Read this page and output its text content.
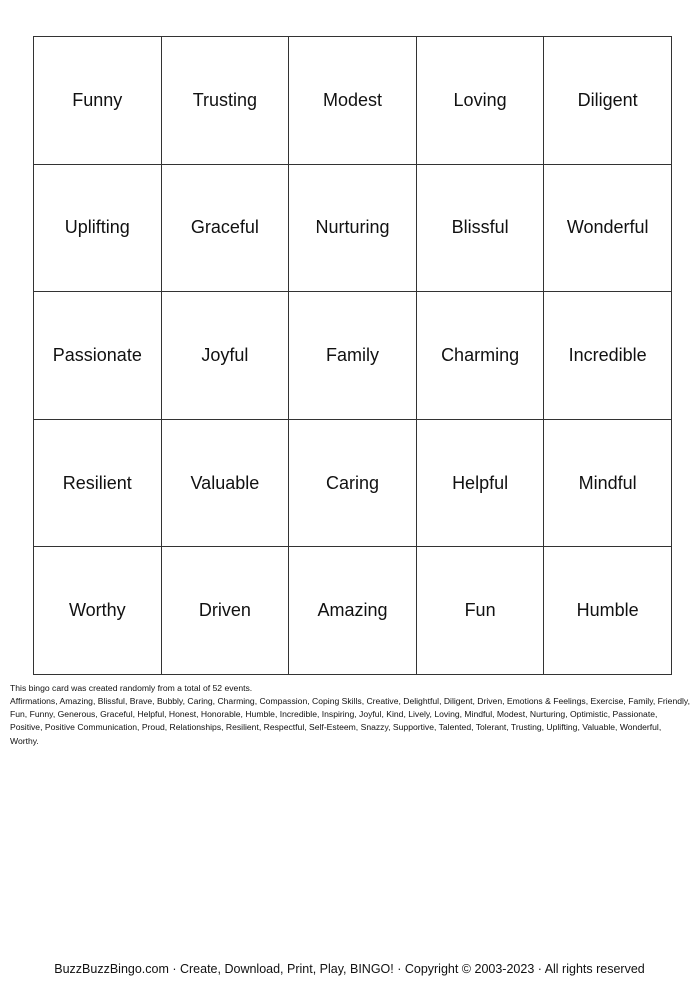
Funny	Trusting	Modest	Loving	Diligent
Uplifting	Graceful	Nurturing	Blissful	Wonderful
Passionate	Joyful	Family	Charming	Incredible
Resilient	Valuable	Caring	Helpful	Mindful
Worthy	Driven	Amazing	Fun	Humble

This bingo card was created randomly from a total of 52 events.

Affirmations, Amazing, Blissful, Brave, Bubbly, Caring, Charming, Compassion, Coping Skills, Creative, Delightful, Diligent, Driven, Emotions & Feelings, Exercise, Family, Friendly, Fun, Funny, Generous, Graceful, Helpful, Honest, Honorable, Humble, Incredible, Inspiring, Joyful, Kind, Lively, Loving, Mindful, Modest, Nurturing, Optimistic, Passionate, Positive, Positive Communication, Proud, Relationships, Resilient, Respectful, Self-Esteem, Snazzy, Supportive, Talented, Tolerant, Trusting, Uplifting, Valuable, Wonderful, Worthy.

BuzzBuzzBingo.com · Create, Download, Print, Play, BINGO! · Copyright © 2003-2023 · All rights reserved
